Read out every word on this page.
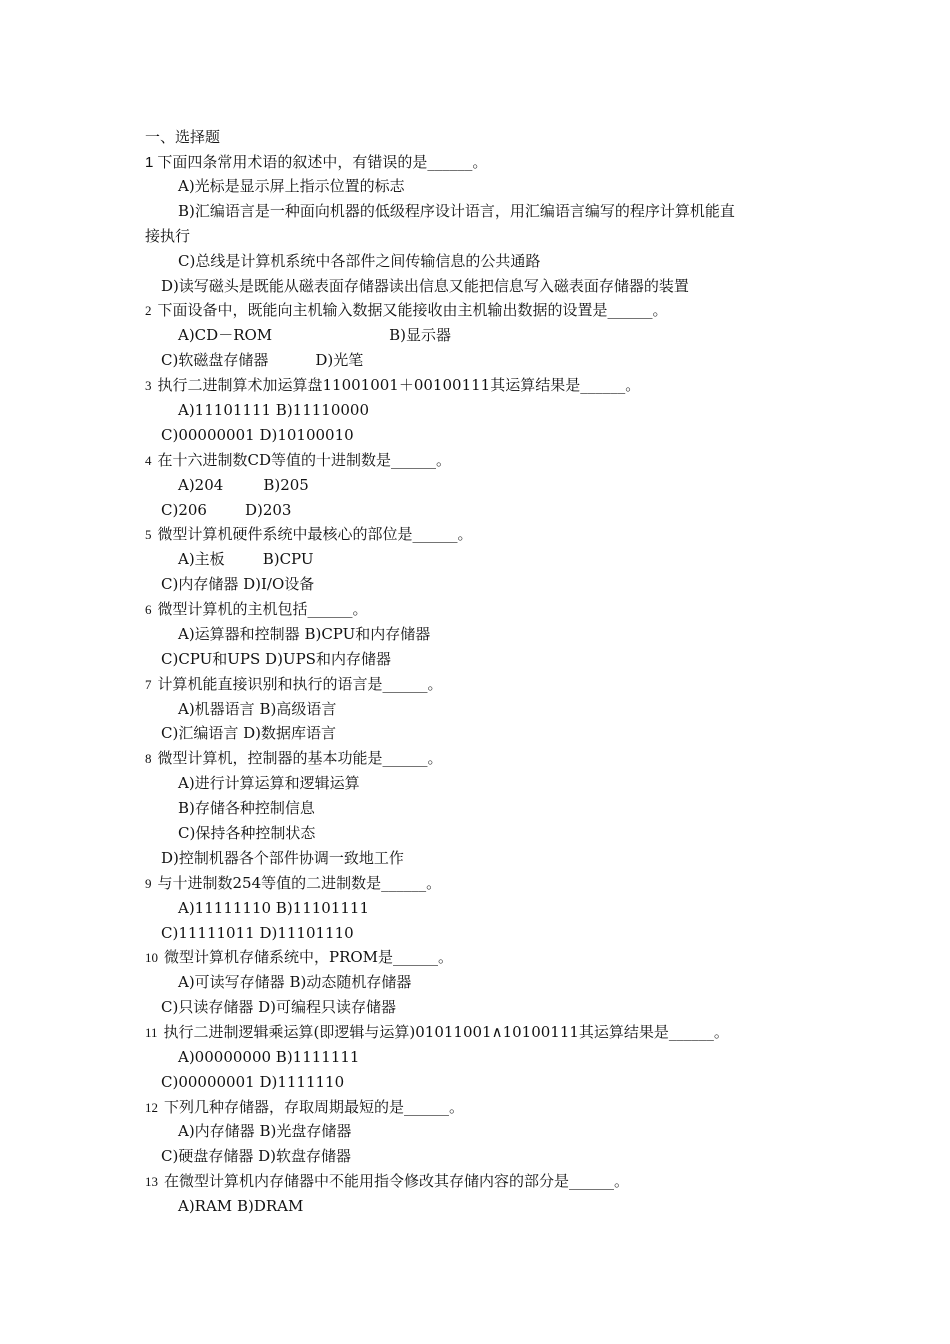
一、选择题
1 下面四条常用术语的叙述中，有错误的是______。
A)光标是显示屏上指示位置的标志
B)汇编语言是一种面向机器的低级程序设计语言，用汇编语言编写的程序计算机能直
接执行
C)总线是计算机系统中各部件之间传输信息的公共通路
D)读写磁头是既能从磁表面存储器读出信息又能把信息写入磁表面存储器的装置
2 下面设备中，既能向主机输入数据又能接收由主机输出数据的设置是______。
A)CD－ROM	B)显示器
C)软磁盘存储器	D)光笔
3 执行二进制算术加运算盘11001001＋00100111其运算结果是______。
A)11101111 B)11110000
C)00000001 D)10100010
4 在十六进制数CD等值的十进制数是______。
A)204	B)205
C)206	D)203
5 微型计算机硬件系统中最核心的部位是______。
A)主板	B)CPU
C)内存储器 D)I/O设备
6 微型计算机的主机包括______。
A)运算器和控制器 B)CPU和内存储器
C)CPU和UPS D)UPS和内存储器
7 计算机能直接识别和执行的语言是______。
A)机器语言 B)高级语言
C)汇编语言 D)数据库语言
8 微型计算机，控制器的基本功能是______。
A)进行计算运算和逻辑运算
B)存储各种控制信息
C)保持各种控制状态
D)控制机器各个部件协调一致地工作
9 与十进制数254等值的二进制数是______。
A)11111110 B)11101111
C)11111011 D)11101110
10 微型计算机存储系统中，PROM是______。
A)可读写存储器 B)动态随机存储器
C)只读存储器 D)可编程只读存储器
11 执行二进制逻辑乘运算(即逻辑与运算)01011001∧10100111其运算结果是______。
A)00000000 B)1111111
C)00000001 D)1111110
12 下列几种存储器，存取周期最短的是______。
A)内存储器 B)光盘存储器
C)硬盘存储器 D)软盘存储器
13 在微型计算机内存储器中不能用指令修改其存储内容的部分是______。
A)RAM B)DRAM
